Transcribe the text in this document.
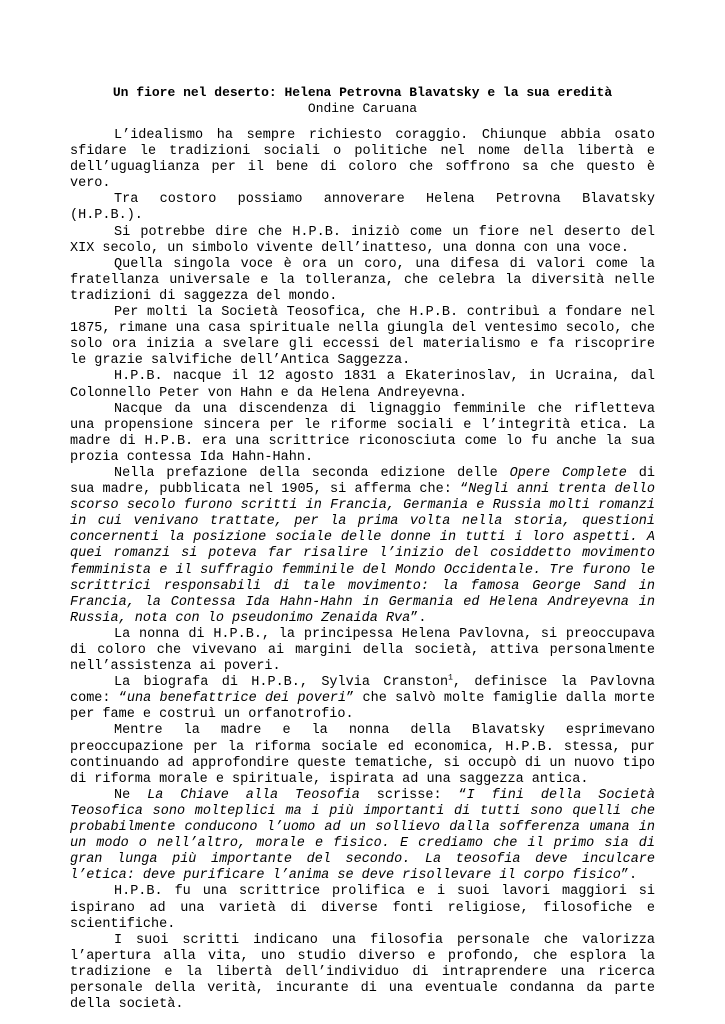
Un fiore nel deserto: Helena Petrovna Blavatsky e la sua eredità
Ondine Caruana

L’idealismo ha sempre richiesto coraggio. Chiunque abbia osato sfidare le tradizioni sociali o politiche nel nome della libertà e dell’uguaglianza per il bene di coloro che soffrono sa che questo è vero.

Tra costoro possiamo annoverare Helena Petrovna Blavatsky (H.P.B.).

Si potrebbe dire che H.P.B. iniziò come un fiore nel deserto del XIX secolo, un simbolo vivente dell’inatteso, una donna con una voce.

Quella singola voce è ora un coro, una difesa di valori come la fratellanza universale e la tolleranza, che celebra la diversità nelle tradizioni di saggezza del mondo.

Per molti la Società Teosofica, che H.P.B. contribuì a fondare nel 1875, rimane una casa spirituale nella giungla del ventesimo secolo, che solo ora inizia a svelare gli eccessi del materialismo e fa riscoprire le grazie salvifiche dell’Antica Saggezza.

H.P.B. nacque il 12 agosto 1831 a Ekaterinoslav, in Ucraina, dal Colonnello Peter von Hahn e da Helena Andreyevna.

Nacque da una discendenza di lignaggio femminile che rifletteva una propensione sincera per le riforme sociali e l’integrità etica. La madre di H.P.B. era una scrittrice riconosciuta come lo fu anche la sua prozia contessa Ida Hahn-Hahn.

Nella prefazione della seconda edizione delle Opere Complete di sua madre, pubblicata nel 1905, si afferma che: “Negli anni trenta dello scorso secolo furono scritti in Francia, Germania e Russia molti romanzi in cui venivano trattate, per la prima volta nella storia, questioni concernenti la posizione sociale delle donne in tutti i loro aspetti. A quei romanzi si poteva far risalire l’inizio del cosiddetto movimento femminista e il suffragio femminile del Mondo Occidentale. Tre furono le scrittrici responsabili di tale movimento: la famosa George Sand in Francia, la Contessa Ida Hahn-Hahn in Germania ed Helena Andreyevna in Russia, nota con lo pseudonimo Zenaida Rva”.

La nonna di H.P.B., la principessa Helena Pavlovna, si preoccupava di coloro che vivevano ai margini della società, attiva personalmente nell’assistenza ai poveri.

La biografa di H.P.B., Sylvia Cranston$^1$, definisce la Pavlovna come: “una benefattrice dei poveri” che salvò molte famiglie dalla morte per fame e costruì un orfanotrofio.

Mentre la madre e la nonna della Blavatsky esprimevano preoccupazione per la riforma sociale ed economica, H.P.B. stessa, pur continuando ad approfondire queste tematiche, si occupò di un nuovo tipo di riforma morale e spirituale, ispirata ad una saggezza antica.

Ne La Chiave alla Teosofia scrisse: “I fini della Società Teosofica sono molteplici ma i più importanti di tutti sono quelli che probabilmente conducono l’uomo ad un sollievo dalla sofferenza umana in un modo o nell’altro, morale e fisico. E crediamo che il primo sia di gran lunga più importante del secondo. La teosofia deve inculcare l’etica: deve purificare l’anima se deve risollevare il corpo fisico”.

H.P.B. fu una scrittrice prolifica e i suoi lavori maggiori si ispirano ad una varietà di diverse fonti religiose, filosofiche e scientifiche.

I suoi scritti indicano una filosofia personale che valorizza l’apertura alla vita, uno studio diverso e profondo, che esplora la tradizione e la libertà dell’individuo di intraprendere una ricerca personale della verità, incurante di una eventuale condanna da parte della società.
